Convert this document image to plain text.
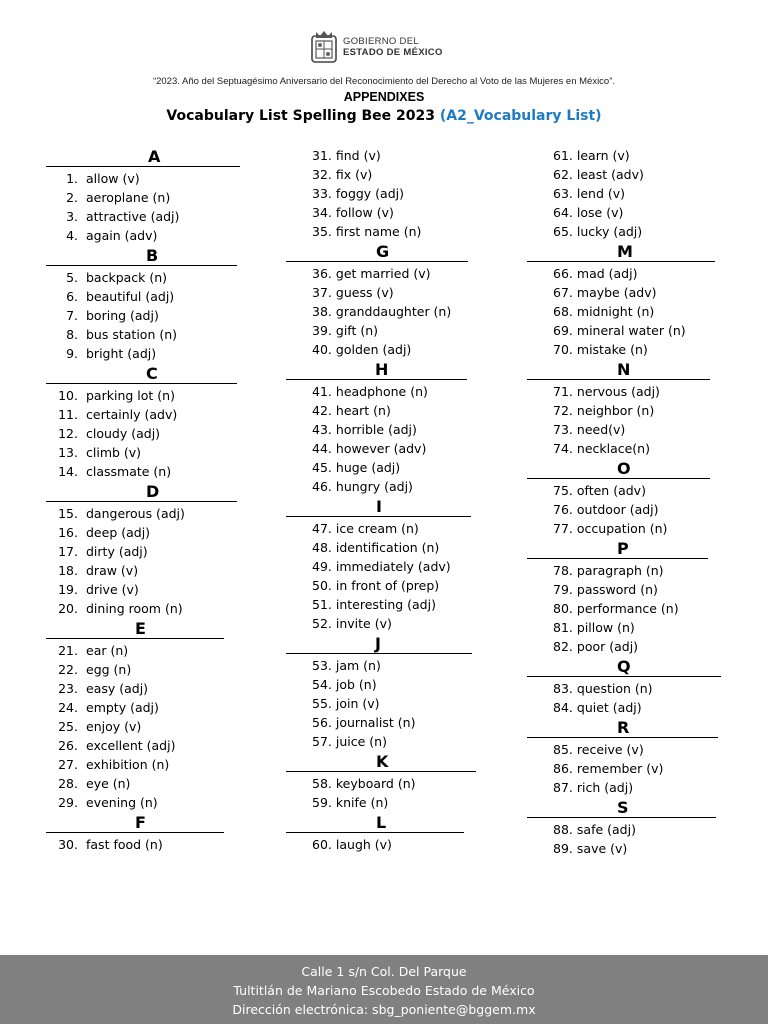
GOBIERNO DEL
ESTADO DE MÉXICO
“2023. Año del Septuagésimo Aniversario del Reconocimiento del Derecho al Voto de las Mujeres en México”.
APPENDIXES
Vocabulary List Spelling Bee 2023 (A2_Vocabulary List)
A
1. allow (v)
2. aeroplane (n)
3. attractive (adj)
4. again (adv)
B
5. backpack (n)
6. beautiful (adj)
7. boring (adj)
8. bus station (n)
9. bright (adj)
C
10. parking lot (n)
11. certainly (adv)
12. cloudy (adj)
13. climb (v)
14. classmate (n)
D
15. dangerous (adj)
16. deep (adj)
17. dirty (adj)
18. draw (v)
19. drive (v)
20. dining room (n)
E
21. ear (n)
22. egg (n)
23. easy (adj)
24. empty (adj)
25. enjoy (v)
26. excellent (adj)
27. exhibition (n)
28. eye (n)
29. evening (n)
F
30. fast food (n)
31. find (v)
32. fix (v)
33. foggy (adj)
34. follow (v)
35. first name (n)
G
36. get married (v)
37. guess (v)
38. granddaughter (n)
39. gift (n)
40. golden (adj)
H
41. headphone (n)
42. heart (n)
43. horrible (adj)
44. however (adv)
45. huge (adj)
46. hungry (adj)
I
47. ice cream (n)
48. identification (n)
49. immediately (adv)
50. in front of (prep)
51. interesting (adj)
52. invite (v)
J
53. jam (n)
54. job (n)
55. join (v)
56. journalist (n)
57. juice (n)
K
58. keyboard (n)
59. knife (n)
L
60. laugh (v)
61. learn (v)
62. least (adv)
63. lend (v)
64. lose (v)
65. lucky (adj)
M
66. mad (adj)
67. maybe (adv)
68. midnight (n)
69. mineral water (n)
70. mistake (n)
N
71. nervous (adj)
72. neighbor (n)
73. need(v)
74. necklace(n)
O
75. often (adv)
76. outdoor (adj)
77. occupation (n)
P
78. paragraph (n)
79. password (n)
80. performance (n)
81. pillow (n)
82. poor (adj)
Q
83. question (n)
84. quiet (adj)
R
85. receive (v)
86. remember (v)
87. rich (adj)
S
88. safe (adj)
89. save (v)
Calle 1 s/n Col. Del Parque
Tultitlán de Mariano Escobedo Estado de México
Dirección electrónica: sbg_poniente@bggem.mx
